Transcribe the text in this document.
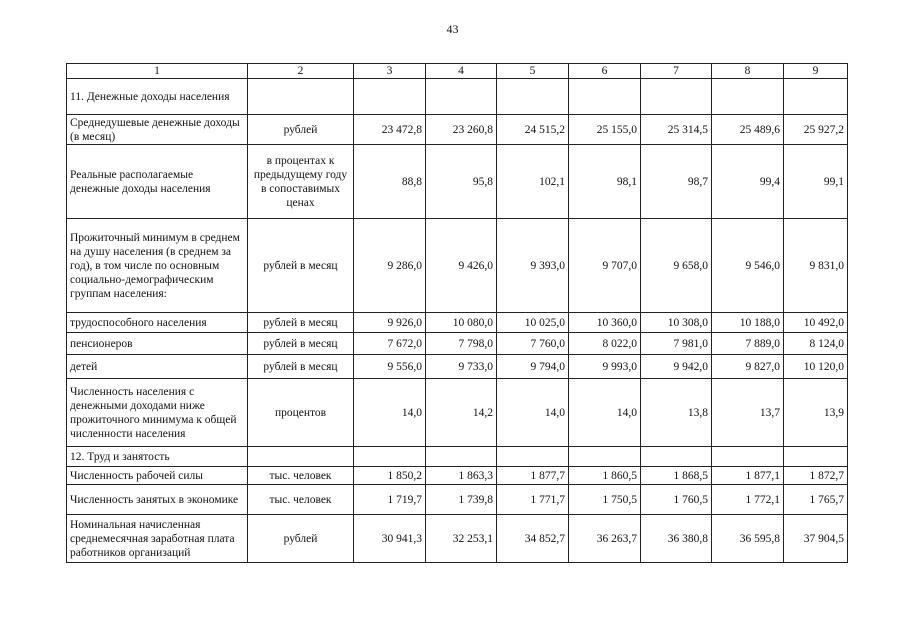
43
1	2	3	4	5	6	7	8	9
11. Денежные доходы населения								
Среднедушевые денежные доходы (в месяц)	рублей	23 472,8	23 260,8	24 515,2	25 155,0	25 314,5	25 489,6	25 927,2
Реальные располагаемые денежные доходы населения	в процентах к предыдущему году в сопоставимых ценах	88,8	95,8	102,1	98,1	98,7	99,4	99,1
Прожиточный минимум в среднем на душу населения (в среднем за год), в том числе по основным социально-демографическим группам населения:	рублей в месяц	9 286,0	9 426,0	9 393,0	9 707,0	9 658,0	9 546,0	9 831,0
трудоспособного населения	рублей в месяц	9 926,0	10 080,0	10 025,0	10 360,0	10 308,0	10 188,0	10 492,0
пенсионеров	рублей в месяц	7 672,0	7 798,0	7 760,0	8 022,0	7 981,0	7 889,0	8 124,0
детей	рублей в месяц	9 556,0	9 733,0	9 794,0	9 993,0	9 942,0	9 827,0	10 120,0
Численность населения с денежными доходами ниже прожиточного минимума к общей численности населения	процентов	14,0	14,2	14,0	14,0	13,8	13,7	13,9
12. Труд и занятость								
Численность рабочей силы	тыс. человек	1 850,2	1 863,3	1 877,7	1 860,5	1 868,5	1 877,1	1 872,7
Численность занятых в экономике	тыс. человек	1 719,7	1 739,8	1 771,7	1 750,5	1 760,5	1 772,1	1 765,7
Номинальная начисленная среднемесячная заработная плата работников организаций	рублей	30 941,3	32 253,1	34 852,7	36 263,7	36 380,8	36 595,8	37 904,5
